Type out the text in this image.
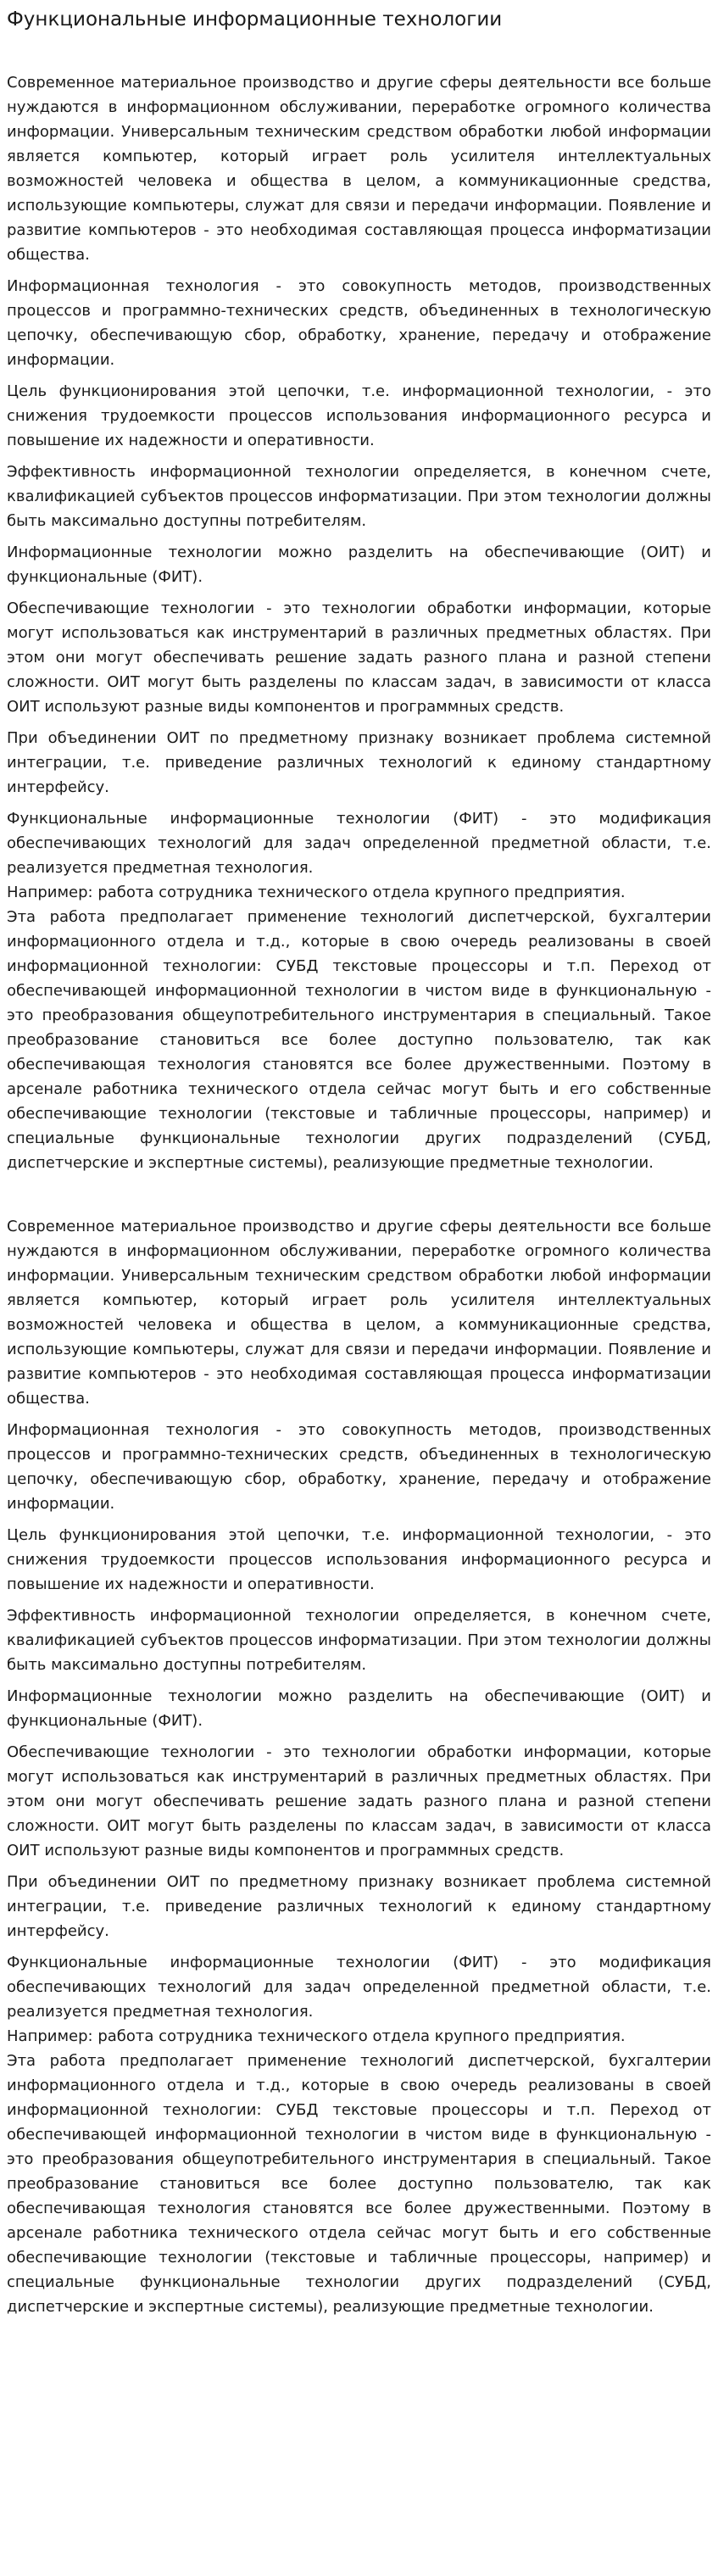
Функциональные информационные технологии

Современное материальное производство и другие сферы деятельности все больше нуждаются в информационном обслуживании, переработке огромного количества информации. Универсальным техническим средством обработки любой информации является компьютер, который играет роль усилителя интеллектуальных возможностей человека и общества в целом, а коммуникационные средства, использующие компьютеры, служат для связи и передачи информации. Появление и развитие компьютеров - это необходимая составляющая процесса информатизации общества.

Информационная технология - это совокупность методов, производственных процессов и программно-технических средств, объединенных в технологическую цепочку, обеспечивающую сбор, обработку, хранение, передачу и отображение информации.

Цель функционирования этой цепочки, т.е. информационной технологии, - это снижения трудоемкости процессов использования информационного ресурса и повышение их надежности и оперативности.

Эффективность информационной технологии определяется, в конечном счете, квалификацией субъектов процессов информатизации. При этом технологии должны быть максимально доступны потребителям.

Информационные технологии можно разделить на обеспечивающие (ОИТ) и функциональные (ФИТ).

Обеспечивающие технологии - это технологии обработки информации, которые могут использоваться как инструментарий в различных предметных областях. При этом они могут обеспечивать решение задать разного плана и разной степени сложности. ОИТ могут быть разделены по классам задач, в зависимости от класса ОИТ используют разные виды компонентов и программных средств.

При объединении ОИТ по предметному признаку возникает проблема системной интеграции, т.е. приведение различных технологий к единому стандартному интерфейсу.

Функциональные информационные технологии (ФИТ) - это модификация обеспечивающих технологий для задач определенной предметной области, т.е. реализуется предметная технология.

Например: работа сотрудника технического отдела крупного предприятия.

Эта работа предполагает применение технологий диспетчерской, бухгалтерии информационного отдела и т.д., которые в свою очередь реализованы в своей информационной технологии: СУБД текстовые процессоры и т.п. Переход от обеспечивающей информационной технологии в чистом виде в функциональную - это преобразования общеупотребительного инструментария в специальный. Такое преобразование становиться все более доступно пользователю, так как обеспечивающая технология становятся все более дружественными. Поэтому в арсенале работника технического отдела сейчас могут быть и его собственные обеспечивающие технологии (текстовые и табличные процессоры, например) и специальные функциональные технологии других подразделений (СУБД, диспетчерские и экспертные системы), реализующие предметные технологии.

Современное материальное производство и другие сферы деятельности все больше нуждаются в информационном обслуживании, переработке огромного количества информации. Универсальным техническим средством обработки любой информации является компьютер, который играет роль усилителя интеллектуальных возможностей человека и общества в целом, а коммуникационные средства, использующие компьютеры, служат для связи и передачи информации. Появление и развитие компьютеров - это необходимая составляющая процесса информатизации общества.

Информационная технология - это совокупность методов, производственных процессов и программно-технических средств, объединенных в технологическую цепочку, обеспечивающую сбор, обработку, хранение, передачу и отображение информации.

Цель функционирования этой цепочки, т.е. информационной технологии, - это снижения трудоемкости процессов использования информационного ресурса и повышение их надежности и оперативности.

Эффективность информационной технологии определяется, в конечном счете, квалификацией субъектов процессов информатизации. При этом технологии должны быть максимально доступны потребителям.

Информационные технологии можно разделить на обеспечивающие (ОИТ) и функциональные (ФИТ).

Обеспечивающие технологии - это технологии обработки информации, которые могут использоваться как инструментарий в различных предметных областях. При этом они могут обеспечивать решение задать разного плана и разной степени сложности. ОИТ могут быть разделены по классам задач, в зависимости от класса ОИТ используют разные виды компонентов и программных средств.

При объединении ОИТ по предметному признаку возникает проблема системной интеграции, т.е. приведение различных технологий к единому стандартному интерфейсу.

Функциональные информационные технологии (ФИТ) - это модификация обеспечивающих технологий для задач определенной предметной области, т.е. реализуется предметная технология.

Например: работа сотрудника технического отдела крупного предприятия.

Эта работа предполагает применение технологий диспетчерской, бухгалтерии информационного отдела и т.д., которые в свою очередь реализованы в своей информационной технологии: СУБД текстовые процессоры и т.п. Переход от обеспечивающей информационной технологии в чистом виде в функциональную - это преобразования общеупотребительного инструментария в специальный. Такое преобразование становиться все более доступно пользователю, так как обеспечивающая технология становятся все более дружественными. Поэтому в арсенале работника технического отдела сейчас могут быть и его собственные обеспечивающие технологии (текстовые и табличные процессоры, например) и специальные функциональные технологии других подразделений (СУБД, диспетчерские и экспертные системы), реализующие предметные технологии.
